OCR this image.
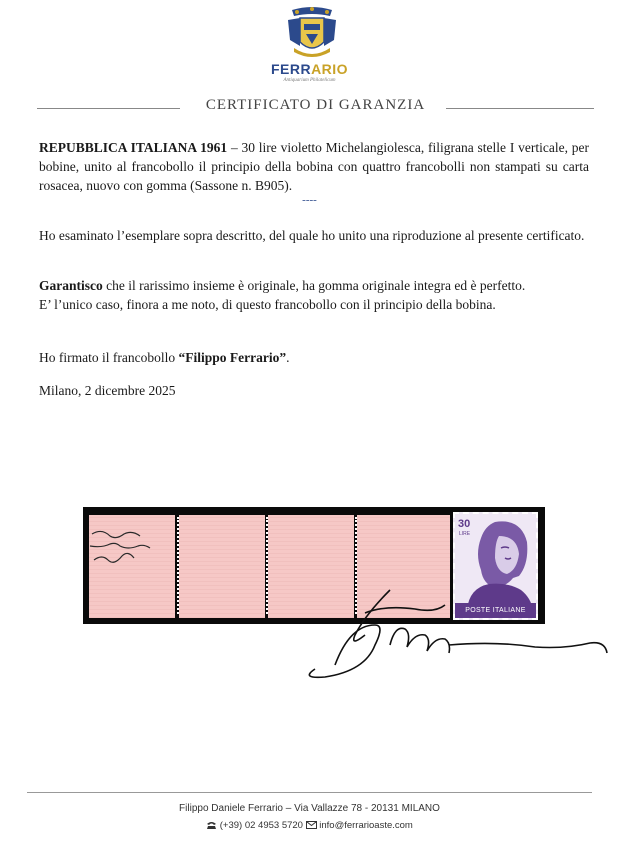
FERRARIO
Antiquarium Philatelicum
CERTIFICATO DI GARANZIA

REPUBBLICA ITALIANA 1961 – 30 lire violetto Michelangiolesca, filigrana stelle I verticale, per bobine, unito al francobollo il principio della bobina con quattro francobolli non stampati su carta rosacea, nuovo con gomma (Sassone n. B905).

----

Ho esaminato l’esemplare sopra descritto, del quale ho unito una riproduzione al presente certificato.

Garantisco che il rarissimo insieme è originale, ha gomma originale integra ed è perfetto.
E’ l’unico caso, finora a me noto, di questo francobollo con il principio della bobina.

Ho firmato il francobollo “Filippo Ferrario”.

Milano, 2 dicembre 2025

30
LIRE
POSTE ITALIANE
Filippo Daniele Ferrario – Via Vallazze 78 - 20131 MILANO
(+39) 02 4953 5720 info@ferrarioaste.com
